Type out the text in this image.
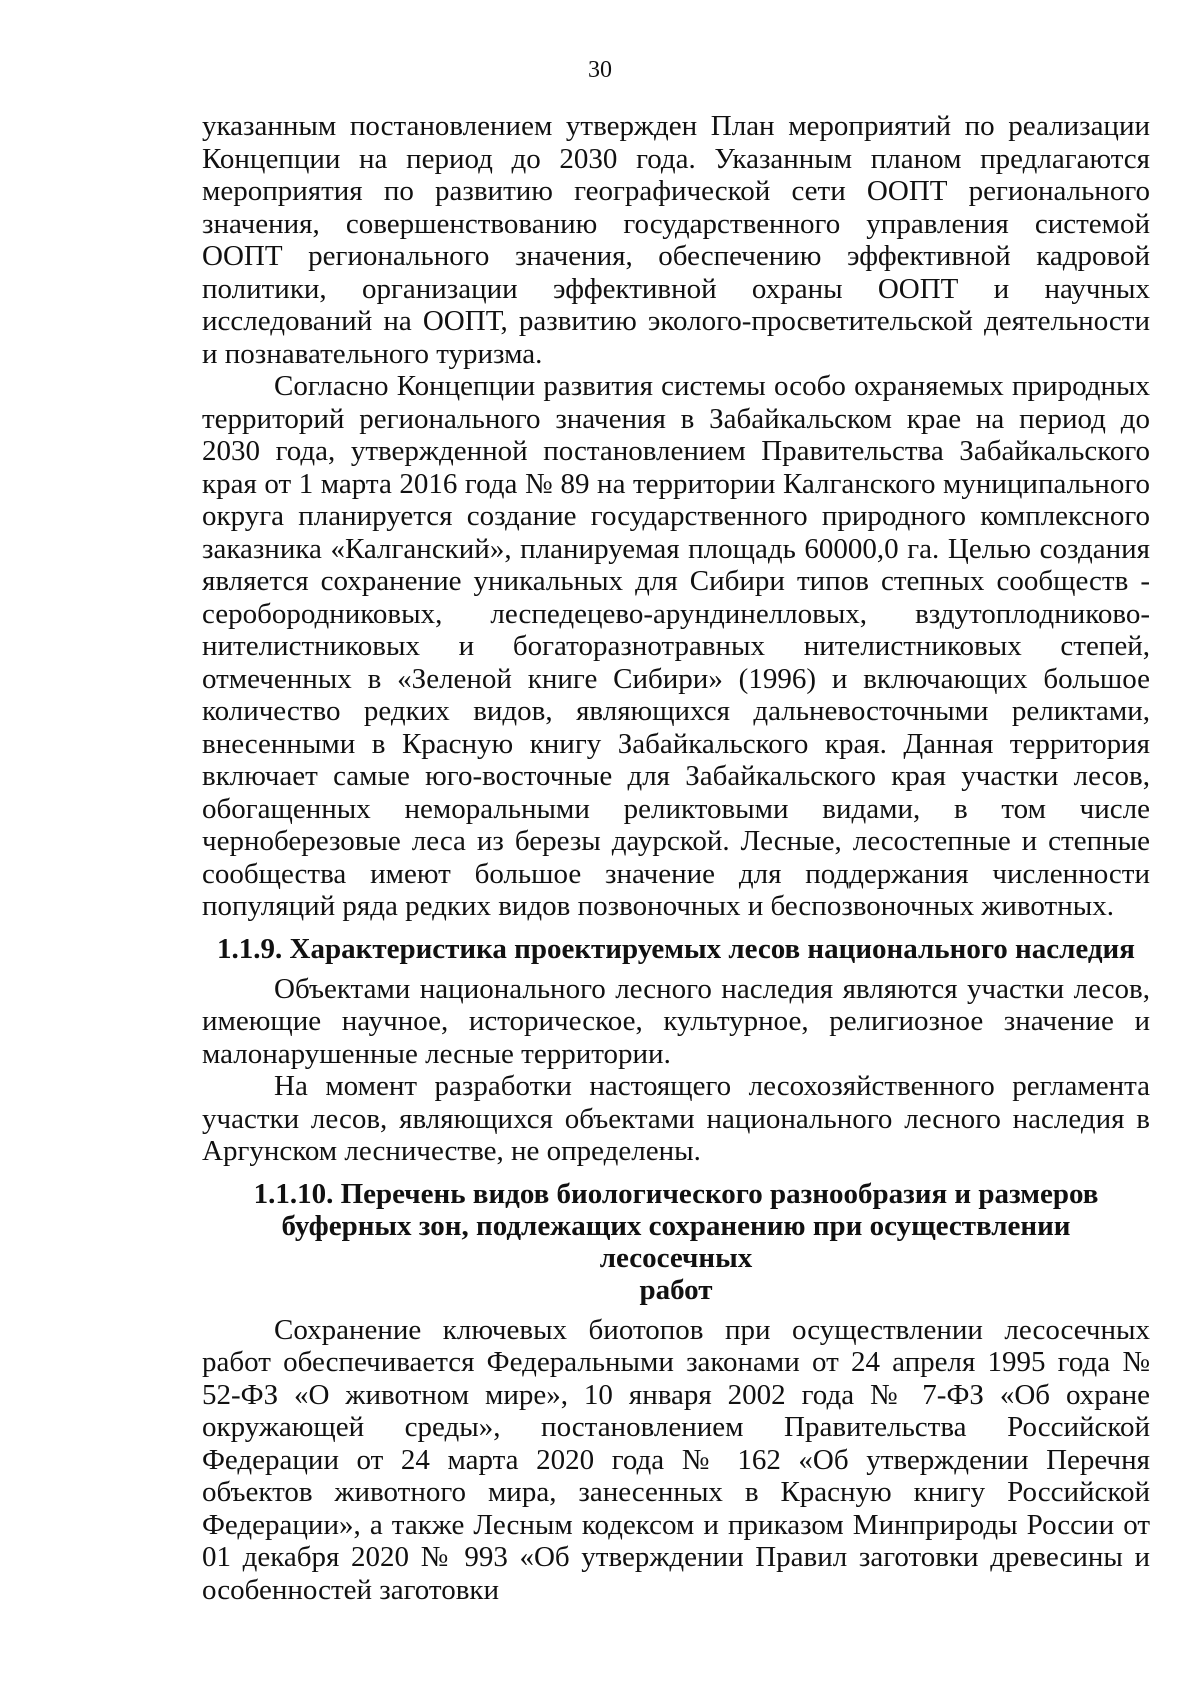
30

указанным постановлением утвержден План мероприятий по реализации Концепции на период до 2030 года. Указанным планом предлагаются мероприятия по развитию географической сети ООПТ регионального значения, совершенствованию государственного управления системой ООПТ регионального значения, обеспечению эффективной кадровой политики, организации эффективной охраны ООПТ и научных исследований на ООПТ, развитию эколого-просветительской деятельности и познавательного туризма.

Согласно Концепции развития системы особо охраняемых природных территорий регионального значения в Забайкальском крае на период до 2030 года, утвержденной постановлением Правительства Забайкальского края от 1 марта 2016 года № 89 на территории Калганского муниципального округа планируется создание государственного природного комплексного заказника «Калганский», планируемая площадь 60000,0 га. Целью создания является сохранение уникальных для Сибири типов степных сообществ - серобородниковых, леспедецево-арундинелловых, вздутоплодниково-нителистниковых и богаторазнотравных нителистниковых степей, отмеченных в «Зеленой книге Сибири» (1996) и включающих большое количество редких видов, являющихся дальневосточными реликтами, внесенными в Красную книгу Забайкальского края. Данная территория включает самые юго-восточные для Забайкальского края участки лесов, обогащенных неморальными реликтовыми видами, в том числе черноберезовые леса из березы даурской. Лесные, лесостепные и степные сообщества имеют большое значение для поддержания численности популяций ряда редких видов позвоночных и беспозвоночных животных.

1.1.9. Характеристика проектируемых лесов национального наследия

Объектами национального лесного наследия являются участки лесов, имеющие научное, историческое, культурное, религиозное значение и малонарушенные лесные территории.

На момент разработки настоящего лесохозяйственного регламента участки лесов, являющихся объектами национального лесного наследия в Аргунском лесничестве, не определены.

1.1.10. Перечень видов биологического разнообразия и размеров
буферных зон, подлежащих сохранению при осуществлении лесосечных
работ

Сохранение ключевых биотопов при осуществлении лесосечных работ обеспечивается Федеральными законами от 24 апреля 1995 года № 52-ФЗ «О животном мире», 10 января 2002 года № 7-ФЗ «Об охране окружающей среды», постановлением Правительства Российской Федерации от 24 марта 2020 года № 162 «Об утверждении Перечня объектов животного мира, занесенных в Красную книгу Российской Федерации», а также Лесным кодексом и приказом Минприроды России от 01 декабря 2020 № 993 «Об утверждении Правил заготовки древесины и особенностей заготовки
